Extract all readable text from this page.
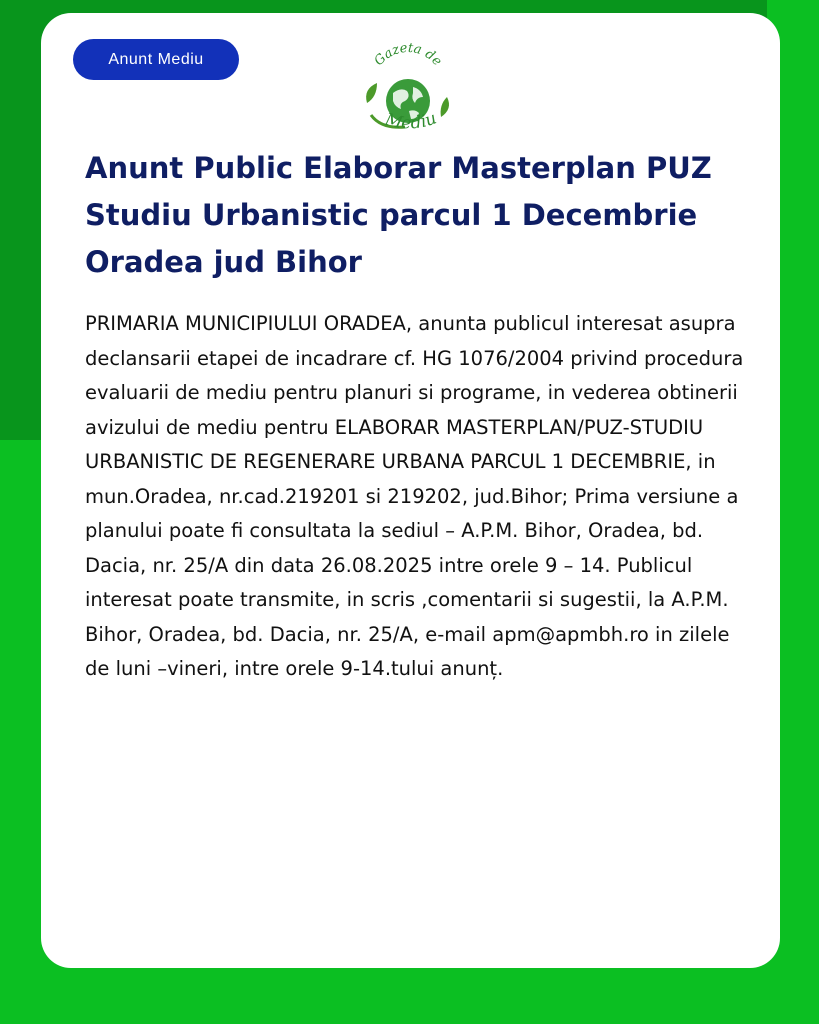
Anunt Mediu	Gazeta de
Mediu
Anunt Public Elaborar Masterplan PUZ Studiu Urbanistic parcul 1 Decembrie Oradea jud Bihor

PRIMARIA MUNICIPIULUI ORADEA, anunta publicul interesat asupra declansarii etapei de incadrare cf. HG 1076/2004 privind procedura evaluarii de mediu pentru planuri si programe, in vederea obtinerii avizului de mediu pentru ELABORAR MASTERPLAN/PUZ-STUDIU URBANISTIC DE REGENERARE URBANA PARCUL 1 DECEMBRIE, in mun.Oradea, nr.cad.219201 si 219202, jud.Bihor; Prima versiune a planului poate fi consultata la sediul – A.P.M. Bihor, Oradea, bd. Dacia, nr. 25/A din data 26.08.2025 intre orele 9 – 14. Publicul interesat poate transmite, in scris ,comentarii si sugestii, la A.P.M. Bihor, Oradea, bd. Dacia, nr. 25/A, e-mail apm@apmbh.ro in zilele de luni –vineri, intre orele 9-14.tului anunț.
